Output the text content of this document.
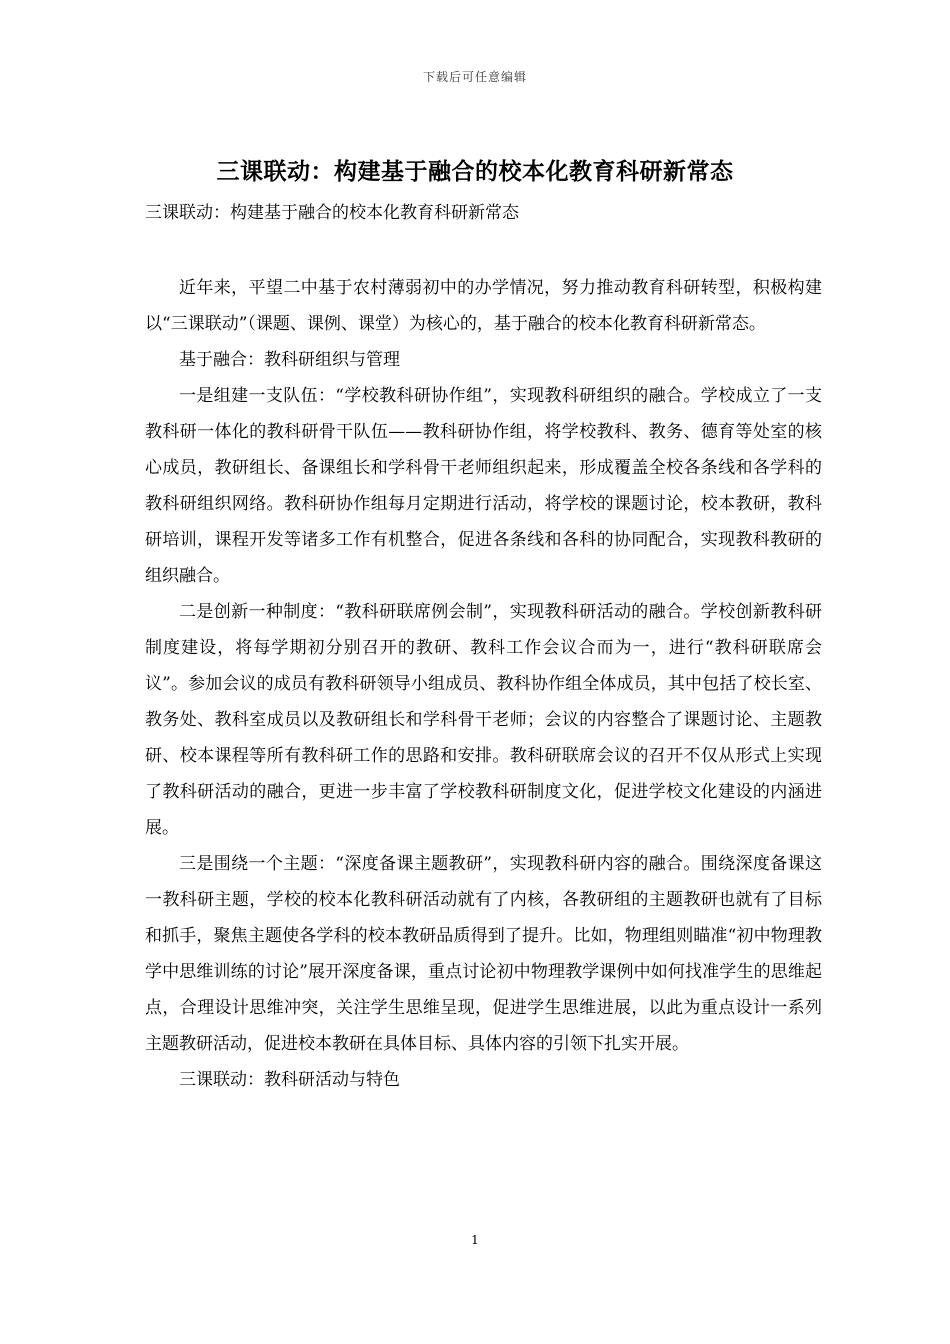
下载后可任意编辑
三课联动：构建基于融合的校本化教育科研新常态
三课联动：构建基于融合的校本化教育科研新常态

近年来，平望二中基于农村薄弱初中的办学情况，努力推动教育科研转型，积极构建以“三课联动”（课题、课例、课堂）为核心的，基于融合的校本化教育科研新常态。

基于融合：教科研组织与管理

一是组建一支队伍：“学校教科研协作组”，实现教科研组织的融合。学校成立了一支教科研一体化的教科研骨干队伍——教科研协作组，将学校教科、教务、德育等处室的核心成员，教研组长、备课组长和学科骨干老师组织起来，形成覆盖全校各条线和各学科的教科研组织网络。教科研协作组每月定期进行活动，将学校的课题讨论，校本教研，教科研培训，课程开发等诸多工作有机整合，促进各条线和各科的协同配合，实现教科教研的组织融合。

二是创新一种制度：“教科研联席例会制”，实现教科研活动的融合。学校创新教科研制度建设，将每学期初分别召开的教研、教科工作会议合而为一，进行“教科研联席会议”。参加会议的成员有教科研领导小组成员、教科协作组全体成员，其中包括了校长室、教务处、教科室成员以及教研组长和学科骨干老师；会议的内容整合了课题讨论、主题教研、校本课程等所有教科研工作的思路和安排。教科研联席会议的召开不仅从形式上实现了教科研活动的融合，更进一步丰富了学校教科研制度文化，促进学校文化建设的内涵进展。

三是围绕一个主题：“深度备课主题教研”，实现教科研内容的融合。围绕深度备课这一教科研主题，学校的校本化教科研活动就有了内核，各教研组的主题教研也就有了目标和抓手，聚焦主题使各学科的校本教研品质得到了提升。比如，物理组则瞄准“初中物理教学中思维训练的讨论”展开深度备课，重点讨论初中物理教学课例中如何找准学生的思维起点，合理设计思维冲突，关注学生思维呈现，促进学生思维进展，以此为重点设计一系列主题教研活动，促进校本教研在具体目标、具体内容的引领下扎实开展。

三课联动：教科研活动与特色

1
